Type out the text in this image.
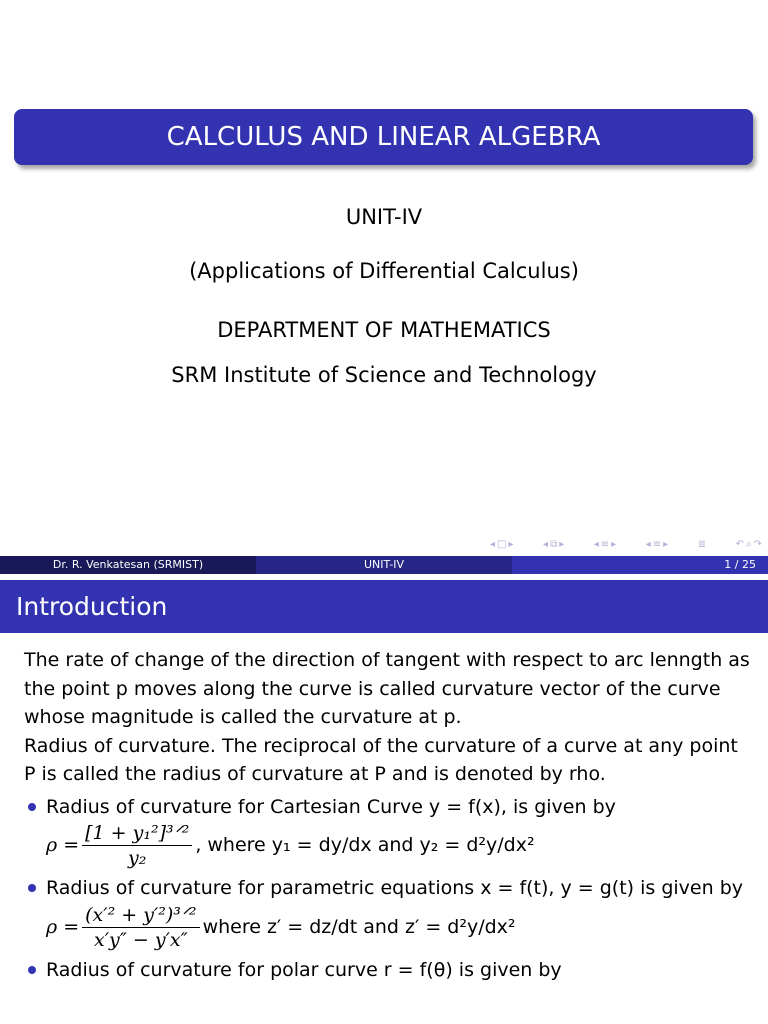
CALCULUS AND LINEAR ALGEBRA
UNIT-IV
(Applications of Differential Calculus)
DEPARTMENT OF MATHEMATICS
SRM Institute of Science and Technology
◂ □ ▸	◂ ⧉ ▸	◂ ≡ ▸	◂ ≡ ▸	≣	↶ ⌕ ↷
Dr. R. Venkatesan (SRMIST)	UNIT-IV	1 / 25
Introduction
The rate of change of the direction of tangent with respect to arc lenngth as the point p moves along the curve is called curvature vector of the curve whose magnitude is called the curvature at p.
Radius of curvature. The reciprocal of the curvature of a curve at any point P is called the radius of curvature at P and is denoted by rho.
Radius of curvature for Cartesian Curve y = f(x), is given by
$\rho = \frac{\text{[1 + y₁²]³ᐟ²}}{\text{y₂}}$ , where y₁ = dy/dx and y₂ = d²y/dx²
Radius of curvature for parametric equations x = f(t), y = g(t) is given by
$\rho = \frac{\text{(x′² + y′²)³ᐟ²}}{x'y'' - y'x''}$ where z′ = dz/dt and z′ = d²y/dx²
Radius of curvature for polar curve r = f(θ) is given by
